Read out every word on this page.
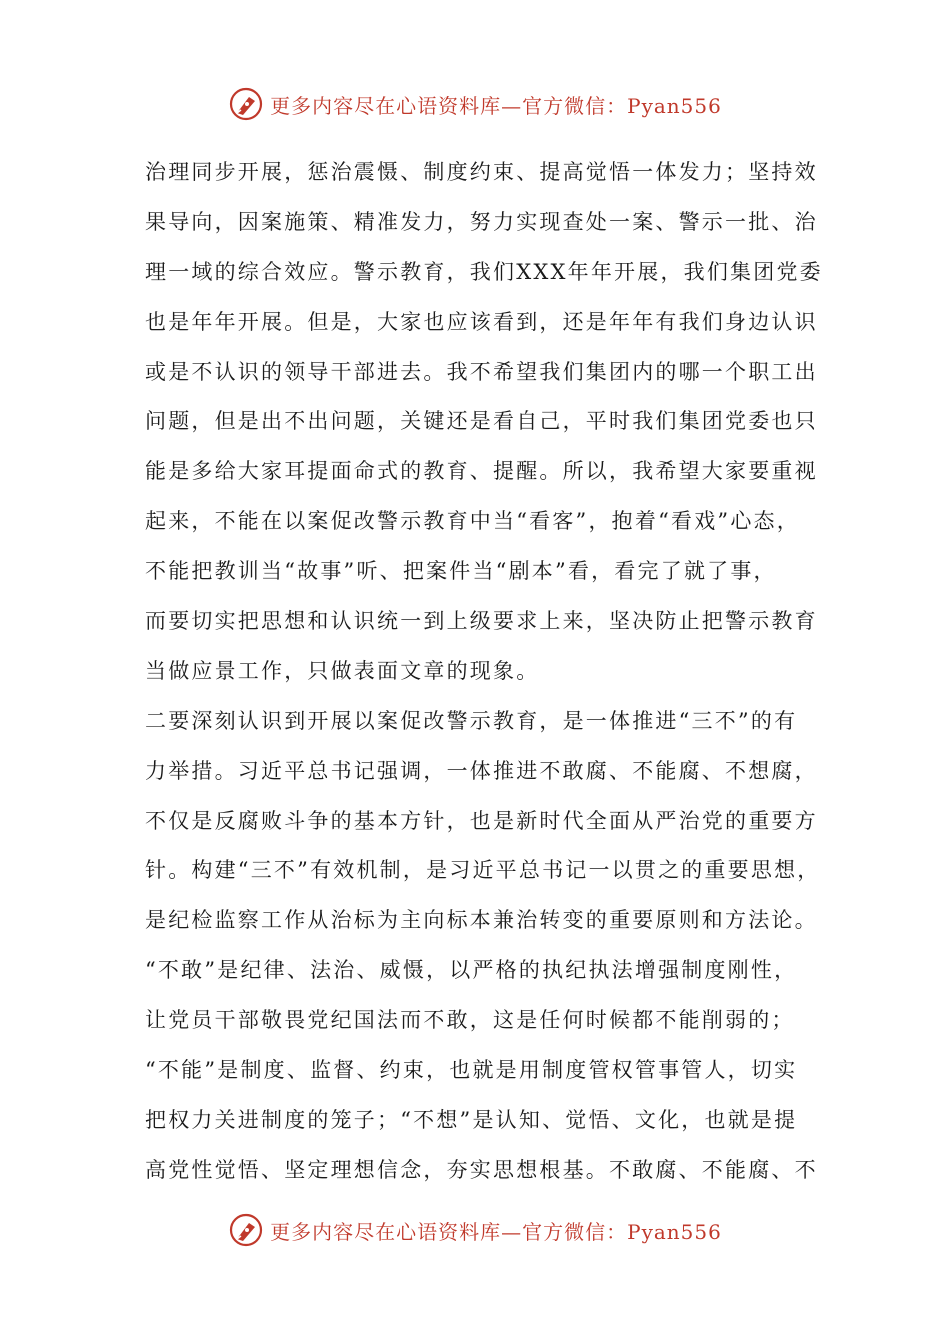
更多内容尽在心语资料库—官方微信：Pyan556
治理同步开展，惩治震慑、制度约束、提高觉悟一体发力；坚持效
果导向，因案施策、精准发力，努力实现查处一案、警示一批、治
理一域的综合效应。警示教育，我们XXX年年开展，我们集团党委
也是年年开展。但是，大家也应该看到，还是年年有我们身边认识
或是不认识的领导干部进去。我不希望我们集团内的哪一个职工出
问题，但是出不出问题，关键还是看自己，平时我们集团党委也只
能是多给大家耳提面命式的教育、提醒。所以，我希望大家要重视
起来，不能在以案促改警示教育中当“看客”，抱着“看戏”心态，
不能把教训当“故事”听、把案件当“剧本”看，看完了就了事，
而要切实把思想和认识统一到上级要求上来，坚决防止把警示教育
当做应景工作，只做表面文章的现象。
二要深刻认识到开展以案促改警示教育，是一体推进“三不”的有
力举措。习近平总书记强调，一体推进不敢腐、不能腐、不想腐，
不仅是反腐败斗争的基本方针，也是新时代全面从严治党的重要方
针。构建“三不”有效机制，是习近平总书记一以贯之的重要思想，
是纪检监察工作从治标为主向标本兼治转变的重要原则和方法论。
“不敢”是纪律、法治、威慑，以严格的执纪执法增强制度刚性，
让党员干部敬畏党纪国法而不敢，这是任何时候都不能削弱的；
“不能”是制度、监督、约束，也就是用制度管权管事管人，切实
把权力关进制度的笼子；“不想”是认知、觉悟、文化，也就是提
高党性觉悟、坚定理想信念，夯实思想根基。不敢腐、不能腐、不
更多内容尽在心语资料库—官方微信：Pyan556
